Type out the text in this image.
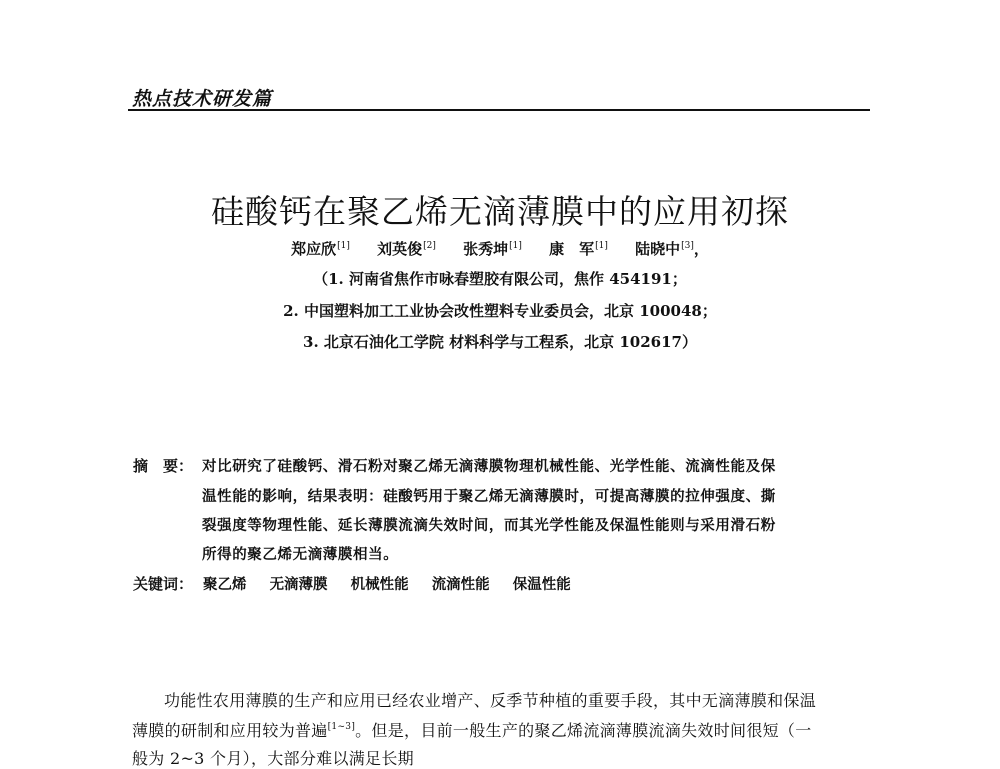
热点技术研发篇
硅酸钙在聚乙烯无滴薄膜中的应用初探
郑应欣[1] 刘英俊[2] 张秀坤[1] 康　军[1] 陆晓中[3]，
（1. 河南省焦作市咏春塑胶有限公司，焦作 454191；
2. 中国塑料加工工业协会改性塑料专业委员会，北京 100048；
3. 北京石油化工学院 材料科学与工程系，北京 102617）
摘　要： 对比研究了硅酸钙、滑石粉对聚乙烯无滴薄膜物理机械性能、光学性能、流滴性能及保
温性能的影响，结果表明：硅酸钙用于聚乙烯无滴薄膜时，可提高薄膜的拉伸强度、撕
裂强度等物理性能、延长薄膜流滴失效时间，而其光学性能及保温性能则与采用滑石粉
所得的聚乙烯无滴薄膜相当。
关键词： 聚乙烯 无滴薄膜 机械性能 流滴性能 保温性能
功能性农用薄膜的生产和应用已经农业增产、反季节种植的重要手段，其中无滴薄膜和保温
薄膜的研制和应用较为普遍[1~3]。但是，目前一般生产的聚乙烯流滴薄膜流滴失效时间很短（一
般为 2~3 个月），大部分难以满足长期
